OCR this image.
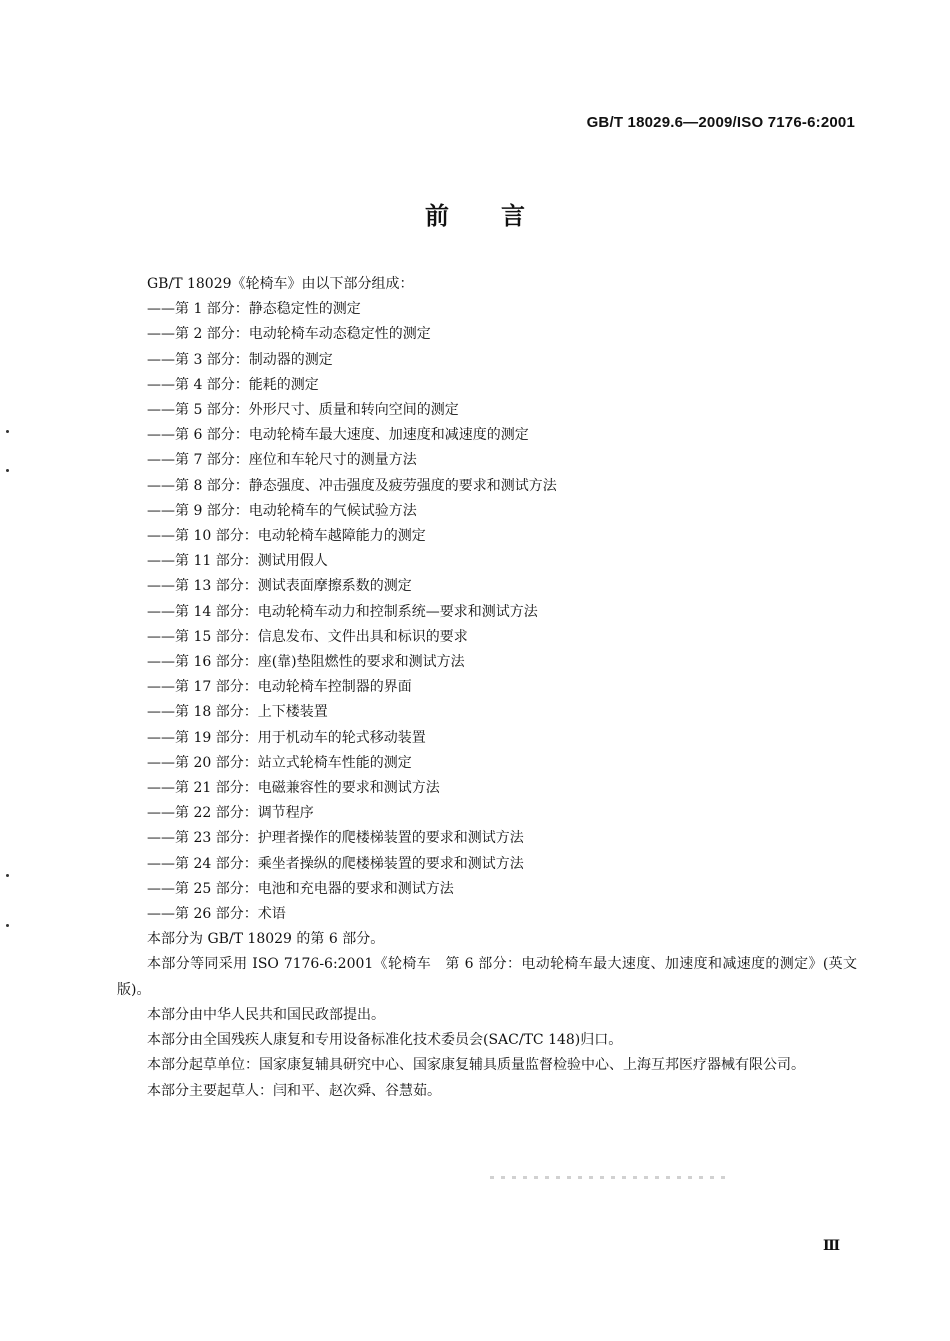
GB/T 18029.6—2009/ISO 7176-6:2001
前言

GB/T 18029《轮椅车》由以下部分组成：

——第 1 部分：静态稳定性的测定
——第 2 部分：电动轮椅车动态稳定性的测定
——第 3 部分：制动器的测定
——第 4 部分：能耗的测定
——第 5 部分：外形尺寸、质量和转向空间的测定
——第 6 部分：电动轮椅车最大速度、加速度和减速度的测定
——第 7 部分：座位和车轮尺寸的测量方法
——第 8 部分：静态强度、冲击强度及疲劳强度的要求和测试方法
——第 9 部分：电动轮椅车的气候试验方法
——第 10 部分：电动轮椅车越障能力的测定
——第 11 部分：测试用假人
——第 13 部分：测试表面摩擦系数的测定
——第 14 部分：电动轮椅车动力和控制系统—要求和测试方法
——第 15 部分：信息发布、文件出具和标识的要求
——第 16 部分：座(靠)垫阻燃性的要求和测试方法
——第 17 部分：电动轮椅车控制器的界面
——第 18 部分：上下楼装置
——第 19 部分：用于机动车的轮式移动装置
——第 20 部分：站立式轮椅车性能的测定
——第 21 部分：电磁兼容性的要求和测试方法
——第 22 部分：调节程序
——第 23 部分：护理者操作的爬楼梯装置的要求和测试方法
——第 24 部分：乘坐者操纵的爬楼梯装置的要求和测试方法
——第 25 部分：电池和充电器的要求和测试方法
——第 26 部分：术语

本部分为 GB/T 18029 的第 6 部分。

本部分等同采用 ISO 7176-6:2001《轮椅车　第 6 部分：电动轮椅车最大速度、加速度和减速度的测定》(英文版)。

本部分由中华人民共和国民政部提出。

本部分由全国残疾人康复和专用设备标准化技术委员会(SAC/TC 148)归口。

本部分起草单位：国家康复辅具研究中心、国家康复辅具质量监督检验中心、上海互邦医疗器械有限公司。

本部分主要起草人：闫和平、赵次舜、谷慧茹。

Ⅲ
